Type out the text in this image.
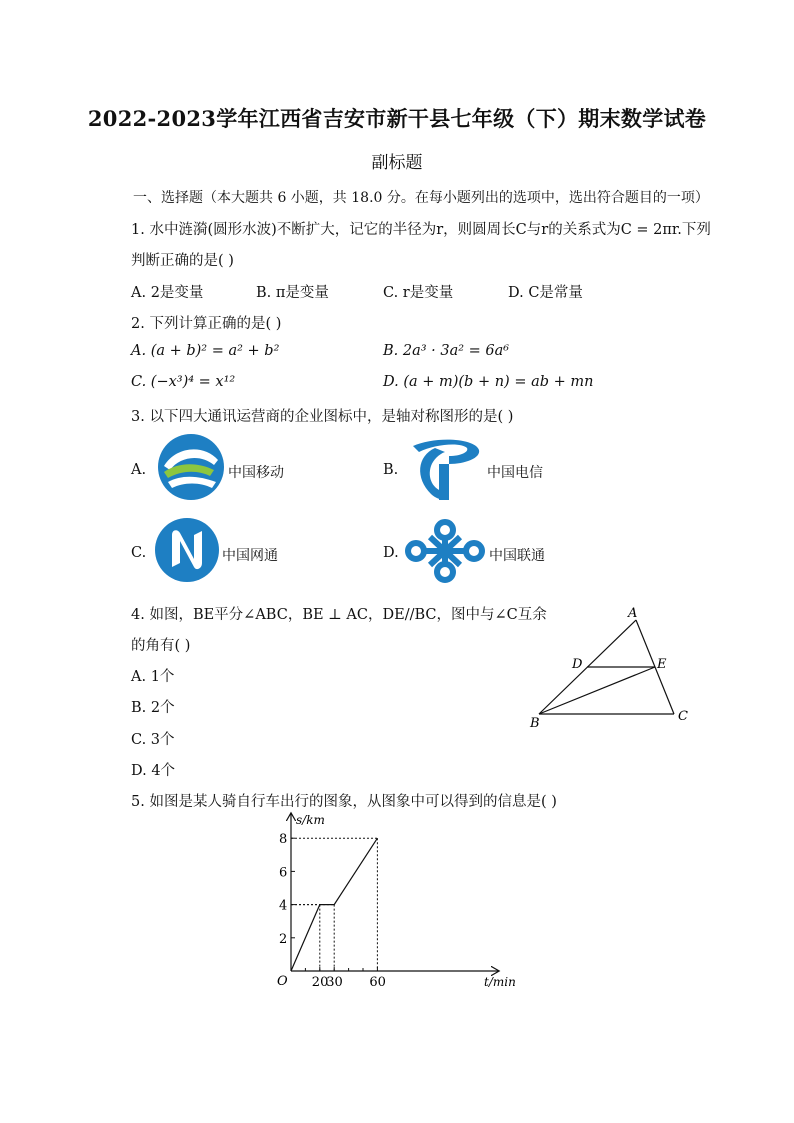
2022-2023学年江西省吉安市新干县七年级（下）期末数学试卷
副标题
一、选择题（本大题共 6 小题，共 18.0 分。在每小题列出的选项中，选出符合题目的一项）
1. 水中涟漪(圆形水波)不断扩大，记它的半径为r，则圆周长C与r的关系式为C = 2πr.下列
判断正确的是( )
A. 2是变量	B. π是变量	C. r是变量	D. C是常量
2. 下列计算正确的是( )
A. (a + b)² = a² + b²	B. 2a³ · 3a² = 6a⁶
C. (−x³)⁴ = x¹²	D. (a + m)(b + n) = ab + mn
3. 以下四大通讯运营商的企业图标中，是轴对称图形的是( )
A.	中国移动	B.	中国电信
C.	中国网通	D.	中国联通
4. 如图，BE平分∠ABC，BE ⊥ AC，DE//BC，图中与∠C互余
的角有( )
A. 1个
B. 2个
C. 3个
D. 4个
A
B	C
D	E
5. 如图是某人骑自行车出行的图象，从图象中可以得到的信息是( )
2
4
6
8
20
30 60
O
s/km
t/min
